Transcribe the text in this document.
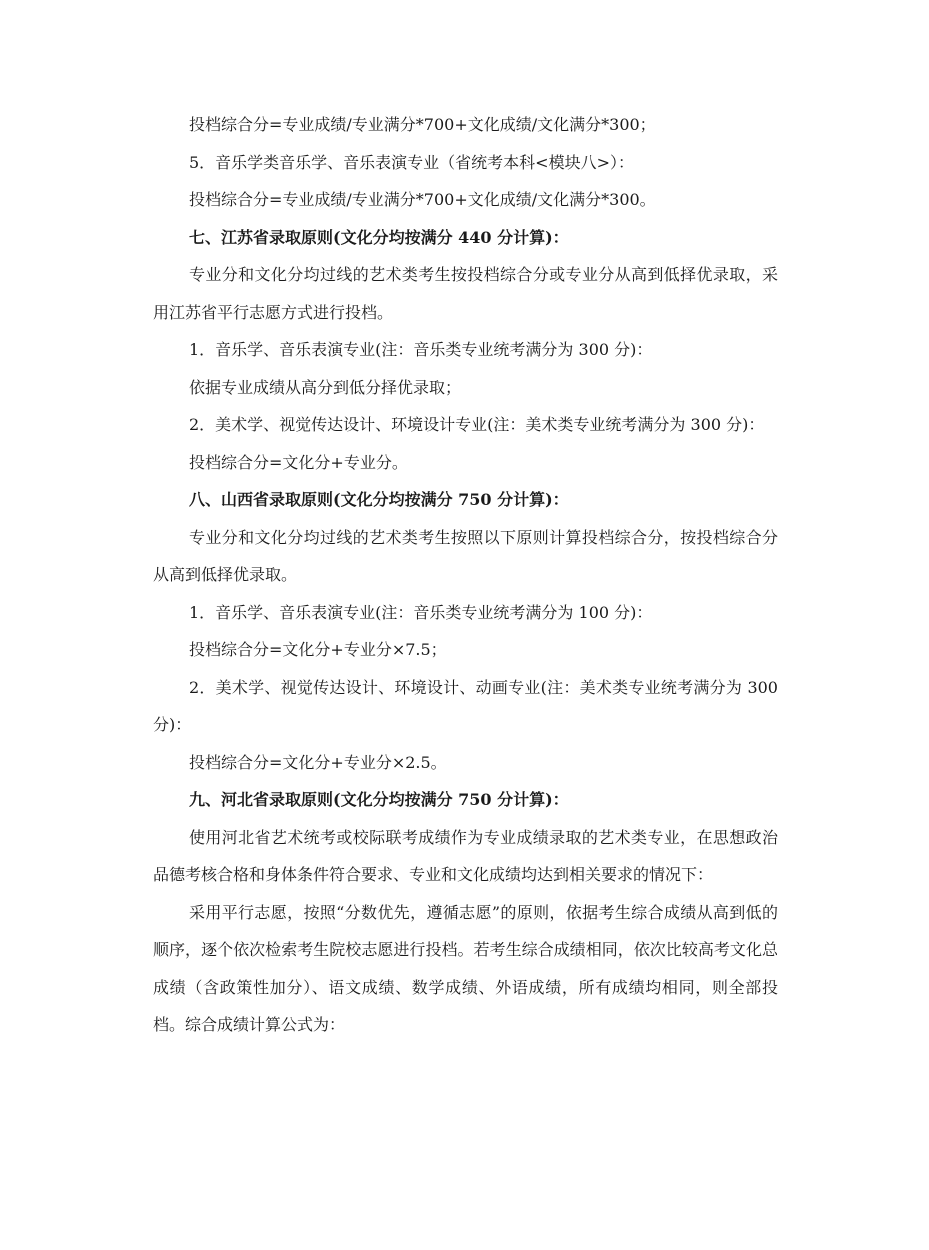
投档综合分=专业成绩/专业满分*700+文化成绩/文化满分*300；

5．音乐学类音乐学、音乐表演专业（省统考本科<模块八>）：

投档综合分=专业成绩/专业满分*700+文化成绩/文化满分*300。

七、江苏省录取原则(文化分均按满分 440 分计算)：

专业分和文化分均过线的艺术类考生按投档综合分或专业分从高到低择优录取，采用江苏省平行志愿方式进行投档。

1．音乐学、音乐表演专业(注：音乐类专业统考满分为 300 分)：

依据专业成绩从高分到低分择优录取；

2．美术学、视觉传达设计、环境设计专业(注：美术类专业统考满分为 300 分)：

投档综合分=文化分+专业分。

八、山西省录取原则(文化分均按满分 750 分计算)：

专业分和文化分均过线的艺术类考生按照以下原则计算投档综合分，按投档综合分从高到低择优录取。

1．音乐学、音乐表演专业(注：音乐类专业统考满分为 100 分)：

投档综合分=文化分+专业分×7.5；

2．美术学、视觉传达设计、环境设计、动画专业(注：美术类专业统考满分为 300 分)：

投档综合分=文化分+专业分×2.5。

九、河北省录取原则(文化分均按满分 750 分计算)：

使用河北省艺术统考或校际联考成绩作为专业成绩录取的艺术类专业，在思想政治品德考核合格和身体条件符合要求、专业和文化成绩均达到相关要求的情况下：

采用平行志愿，按照“分数优先，遵循志愿”的原则，依据考生综合成绩从高到低的顺序，逐个依次检索考生院校志愿进行投档。若考生综合成绩相同，依次比较高考文化总成绩（含政策性加分）、语文成绩、数学成绩、外语成绩，所有成绩均相同，则全部投档。综合成绩计算公式为：
